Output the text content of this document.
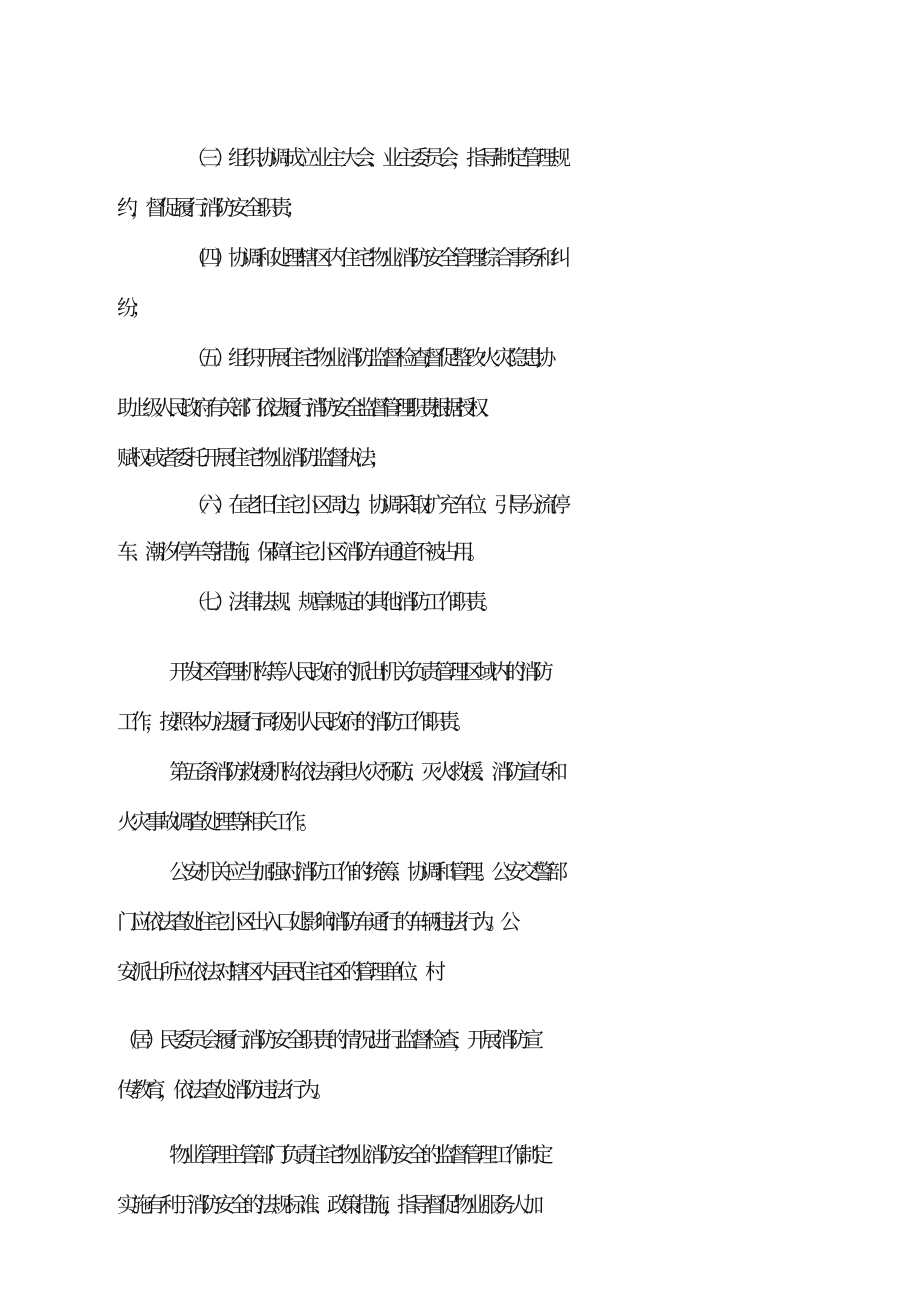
（三）组织协调成立业主大会、业主委员会，指导制定管理规
约，督促履行消防安全职责；
（四）协调和处理辖区内住宅物业消防安全管理综合事务和纠
纷；
（五）组织开展住宅物业消防监督检查,督促整改火灾隐患,协
助上级人民政府有关部门依法履行消防安全监督管理职责,根据授权、
赋权或者委托开展住宅物业消防监督执法；
（六）在老旧住宅小区周边，协调采取扩充车位、引导分流停
车、潮汐停车等措施，保障住宅小区消防车通道不被占用。
（七）法律法规、规章规定的其他消防工作职责。
开发区管理机构等人民政府的派出机关,负责管理区域内的消防
工作，按照本办法履行同级别人民政府的消防工作职责。
第五条消防救援机构依法承担火灾预防、灭火救援、消防宣传和
火灾事故调查处理等相关工作。
公安机关应当加强对消防工作的统筹、协调和管理。公安交警部
门应依法查处住宅小区出入口处影响消防车通行的车辆违法行为。公
安派出所应依法对辖区内居民住宅区的管理单位、村
（居）民委员会履行消防安全职责的情况进行监督检查，开展消防宣
传教育，依法查处消防违法行为。
物业管理主管部门负责住宅物业消防安全的监督管理工作,制定
实施有利于消防安全的法规标准、政策措施，指导督促物业服务人加
